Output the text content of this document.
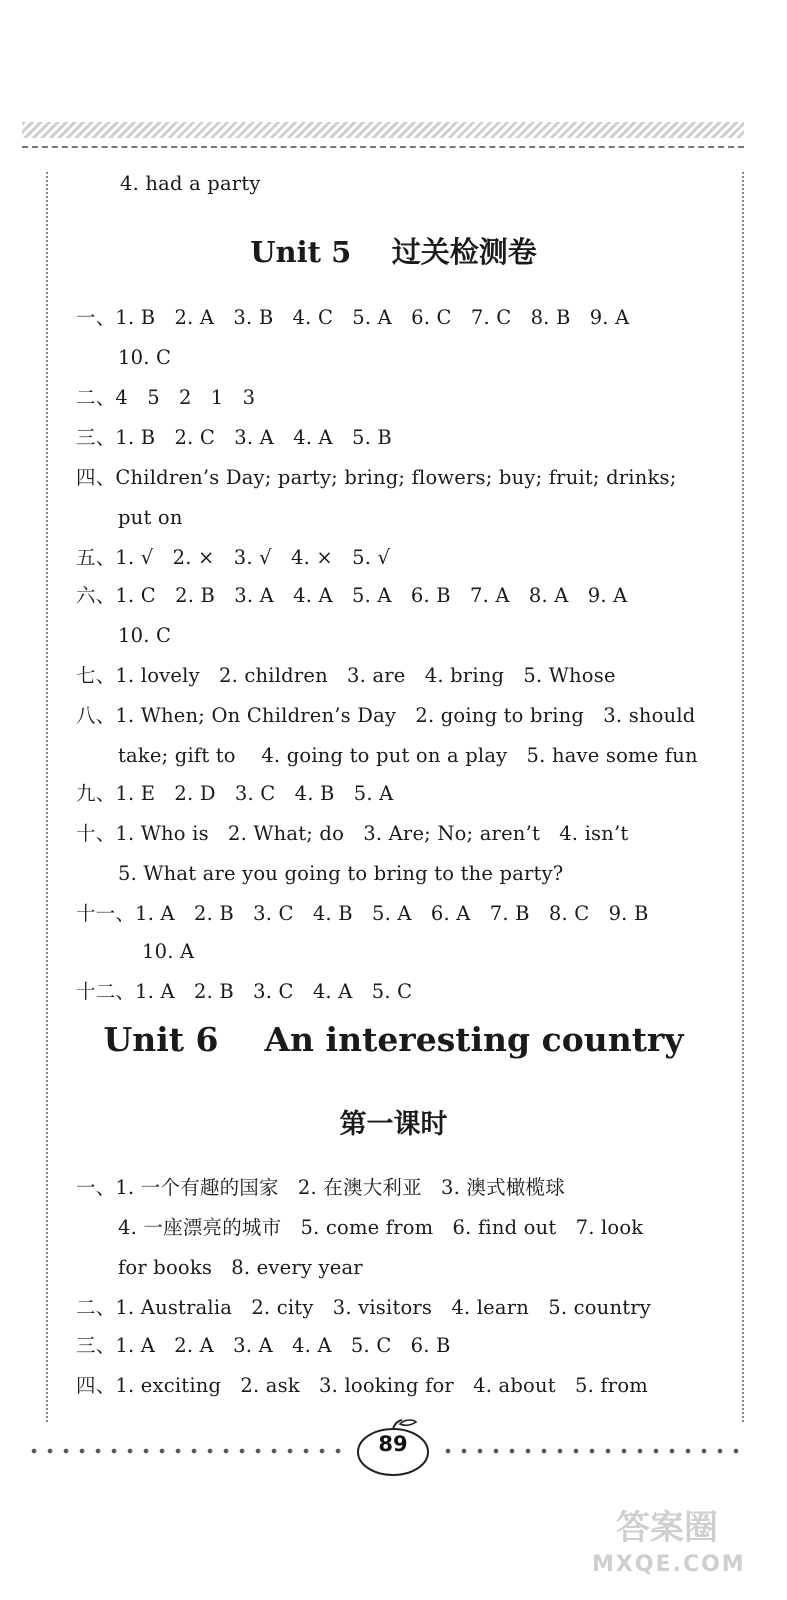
4. had a party
Unit 5    过关检测卷
一、1. B   2. A   3. B   4. C   5. A   6. C   7. C   8. B   9. A
10. C
二、4   5   2   1   3
三、1. B   2. C   3. A   4. A   5. B
四、Children’s Day; party; bring; flowers; buy; fruit; drinks;
put on
五、1. √   2. ×   3. √   4. ×   5. √
六、1. C   2. B   3. A   4. A   5. A   6. B   7. A   8. A   9. A
10. C
七、1. lovely   2. children   3. are   4. bring   5. Whose
八、1. When; On Children’s Day   2. going to bring   3. should
take; gift to    4. going to put on a play   5. have some fun
九、1. E   2. D   3. C   4. B   5. A
十、1. Who is   2. What; do   3. Are; No; aren’t   4. isn’t
5. What are you going to bring to the party?
十一、1. A   2. B   3. C   4. B   5. A   6. A   7. B   8. C   9. B
10. A
十二、1. A   2. B   3. C   4. A   5. C
Unit 6    An interesting country
第一课时
一、1. 一个有趣的国家   2. 在澳大利亚   3. 澳式橄榄球
4. 一座漂亮的城市   5. come from   6. find out   7. look
for books   8. every year
二、1. Australia   2. city   3. visitors   4. learn   5. country
三、1. A   2. A   3. A   4. A   5. C   6. B
四、1. exciting   2. ask   3. looking for   4. about   5. from
89
答案圈
MXQE.COM
